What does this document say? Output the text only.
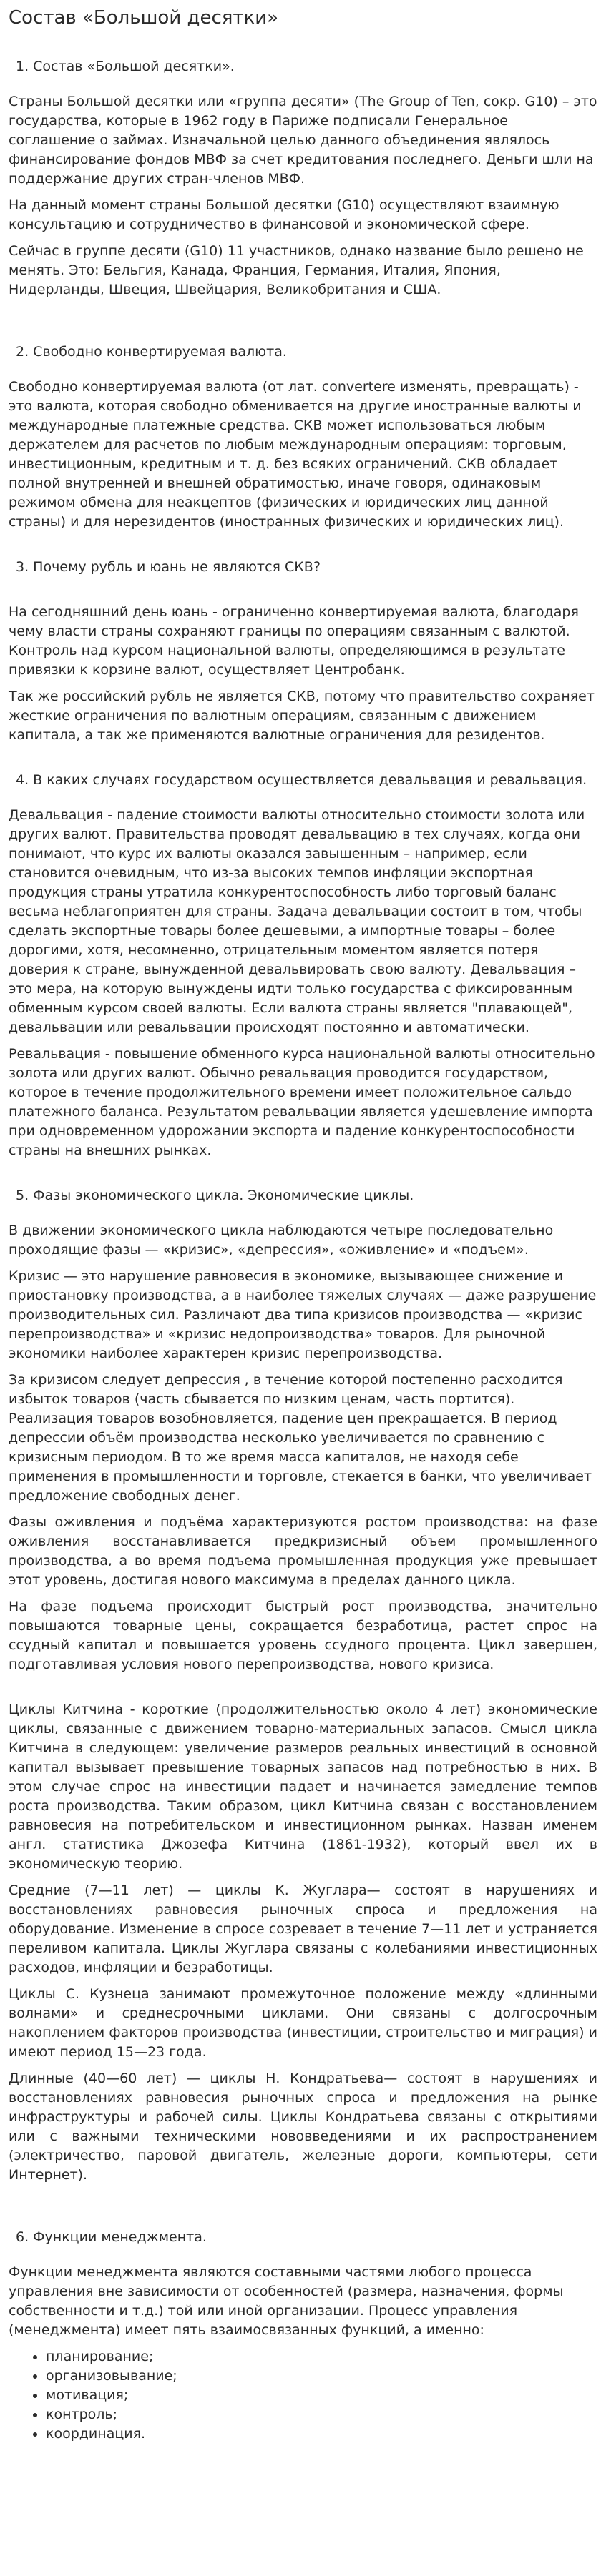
Состав «Большой десятки»
1. Состав «Большой десятки».

Страны Большой десятки или «группа десяти» (The Group of Ten, сокр. G10) – это государства, которые в 1962 году в Париже подписали Генеральное соглашение о займах. Изначальной целью данного объединения являлось финансирование фондов МВФ за счет кредитования последнего. Деньги шли на поддержание других стран-членов МВФ.

На данный момент страны Большой десятки (G10) осуществляют взаимную консультацию и сотрудничество в финансовой и экономической сфере.

Сейчас в группе десяти (G10) 11 участников, однако название было решено не менять. Это: Бельгия, Канада, Франция, Германия, Италия, Япония, Нидерланды, Швеция, Швейцария, Великобритания и США.

2. Свободно конвертируемая валюта.

Свободно конвертируемая валюта (от лат. convertere изменять, превращать) - это валюта, которая свободно обменивается на другие иностранные валюты и международные платежные средства. СКВ может использоваться любым держателем для расчетов по любым международным операциям: торговым, инвестиционным, кредитным и т. д. без всяких ограничений. СКВ обладает полной внутренней и внешней обратимостью, иначе говоря, одинаковым режимом обмена для неакцептов (физических и юридических лиц данной страны) и для нерезидентов (иностранных физических и юридических лиц).

3. Почему рубль и юань не являются СКВ?

На сегодняшний день юань - ограниченно конвертируемая валюта, благодаря чему власти страны сохраняют границы по операциям связанным с валютой. Контроль над курсом национальной валюты, определяющимся в результате привязки к корзине валют, осуществляет Центробанк.

Так же российский рубль не является СКВ, потому что правительство сохраняет жесткие ограничения по валютным операциям, связанным с движением капитала, а так же применяются валютные ограничения для резидентов.

4. В каких случаях государством осуществляется девальвация и ревальвация.

Девальвация - падение стоимости валюты относительно стоимости золота или других валют. Правительства проводят девальвацию в тех случаях, когда они понимают, что курс их валюты оказался завышенным – например, если становится очевидным, что из-за высоких темпов инфляции экспортная продукция страны утратила конкурентоспособность либо торговый баланс весьма неблагоприятен для страны. Задача девальвации состоит в том, чтобы сделать экспортные товары более дешевыми, а импортные товары – более дорогими, хотя, несомненно, отрицательным моментом является потеря доверия к стране, вынужденной девальвировать свою валюту. Девальвация – это мера, на которую вынуждены идти только государства с фиксированным обменным курсом своей валюты. Если валюта страны является "плавающей", девальвации или ревальвации происходят постоянно и автоматически.

Ревальвация - повышение обменного курса национальной валюты относительно золота или других валют. Обычно ревальвация проводится государством, которое в течение продолжительного времени имеет положительное сальдо платежного баланса. Результатом ревальвации является удешевление импорта при одновременном удорожании экспорта и падение конкурентоспособности страны на внешних рынках.

5. Фазы экономического цикла. Экономические циклы.

В движении экономического цикла наблюдаются четыре последовательно проходящие фазы — «кризис», «депрессия», «оживление» и «подъем».

Кризис — это нарушение равновесия в экономике, вызывающее снижение и приостановку производства, а в наиболее тяжелых случаях — даже разрушение производительных сил. Различают два типа кризисов производства — «кризис перепроизводства» и «кризис недопроизводства» товаров. Для рыночной экономики наиболее характерен кризис перепроизводства.

За кризисом следует депрессия , в течение которой постепенно расходится избыток товаров (часть сбывается по низким ценам, часть портится). Реализация товаров возобновляется, падение цен прекращается. В период депрессии объём производства несколько увеличивается по сравнению с кризисным периодом. В то же время масса капиталов, не находя себе применения в промышленности и торговле, стекается в банки, что увеличивает предложение свободных денег.

Фазы оживления и подъёма характеризуются ростом производства: на фазе оживления восстанавливается предкризисный объем промышленного производства, а во время подъема промышленная продукция уже превышает этот уровень, достигая нового максимума в пределах данного цикла.

На фазе подъема происходит быстрый рост производства, значительно повышаются товарные цены, сокращается безработица, растет спрос на ссудный капитал и повышается уровень ссудного процента. Цикл завершен, подготавливая условия нового перепроизводства, нового кризиса.

Циклы Китчина - короткие (продолжительностью около 4 лет) экономические циклы, связанные с движением товарно-материальных запасов. Смысл цикла Китчина в следующем: увеличение размеров реальных инвестиций в основной капитал вызывает превышение товарных запасов над потребностью в них. В этом случае спрос на инвестиции падает и начинается замедление темпов роста производства. Таким образом, цикл Китчина связан с восстановлением равновесия на потребительском и инвестиционном рынках. Назван именем англ. статистика Джозефа Китчина (1861-1932), который ввел их в экономическую теорию.

Средние (7—11 лет) — циклы К. Жуглара— состоят в нарушениях и восстановлениях равновесия рыночных спроса и предложения на оборудование. Изменение в спросе созревает в течение 7—11 лет и устраняется переливом капитала. Циклы Жуглара связаны с колебаниями инвестиционных расходов, инфляции и безработицы.

Циклы С. Кузнеца занимают промежуточное положение между «длинными волнами» и среднесрочными циклами. Они связаны с долгосрочным накоплением факторов производства (инвестиции, строительство и миграция) и имеют период 15—23 года.

Длинные (40—60 лет) — циклы Н. Кондратьева— состоят в нарушениях и восстановлениях равновесия рыночных спроса и предложения на рынке инфраструктуры и рабочей силы. Циклы Кондратьева связаны с открытиями или с важными техническими нововведениями и их распространением (электричество, паровой двигатель, железные дороги, компьютеры, сети Интернет).

6. Функции менеджмента.

Функции менеджмента являются составными частями любого процесса управления вне зависимости от особенностей (размера, назначения, формы собственности и т.д.) той или иной организации. Процесс управления (менеджмента) имеет пять взаимосвязанных функций, а именно:

• планирование;
• организовывание;
• мотивация;
• контроль;
• координация.
